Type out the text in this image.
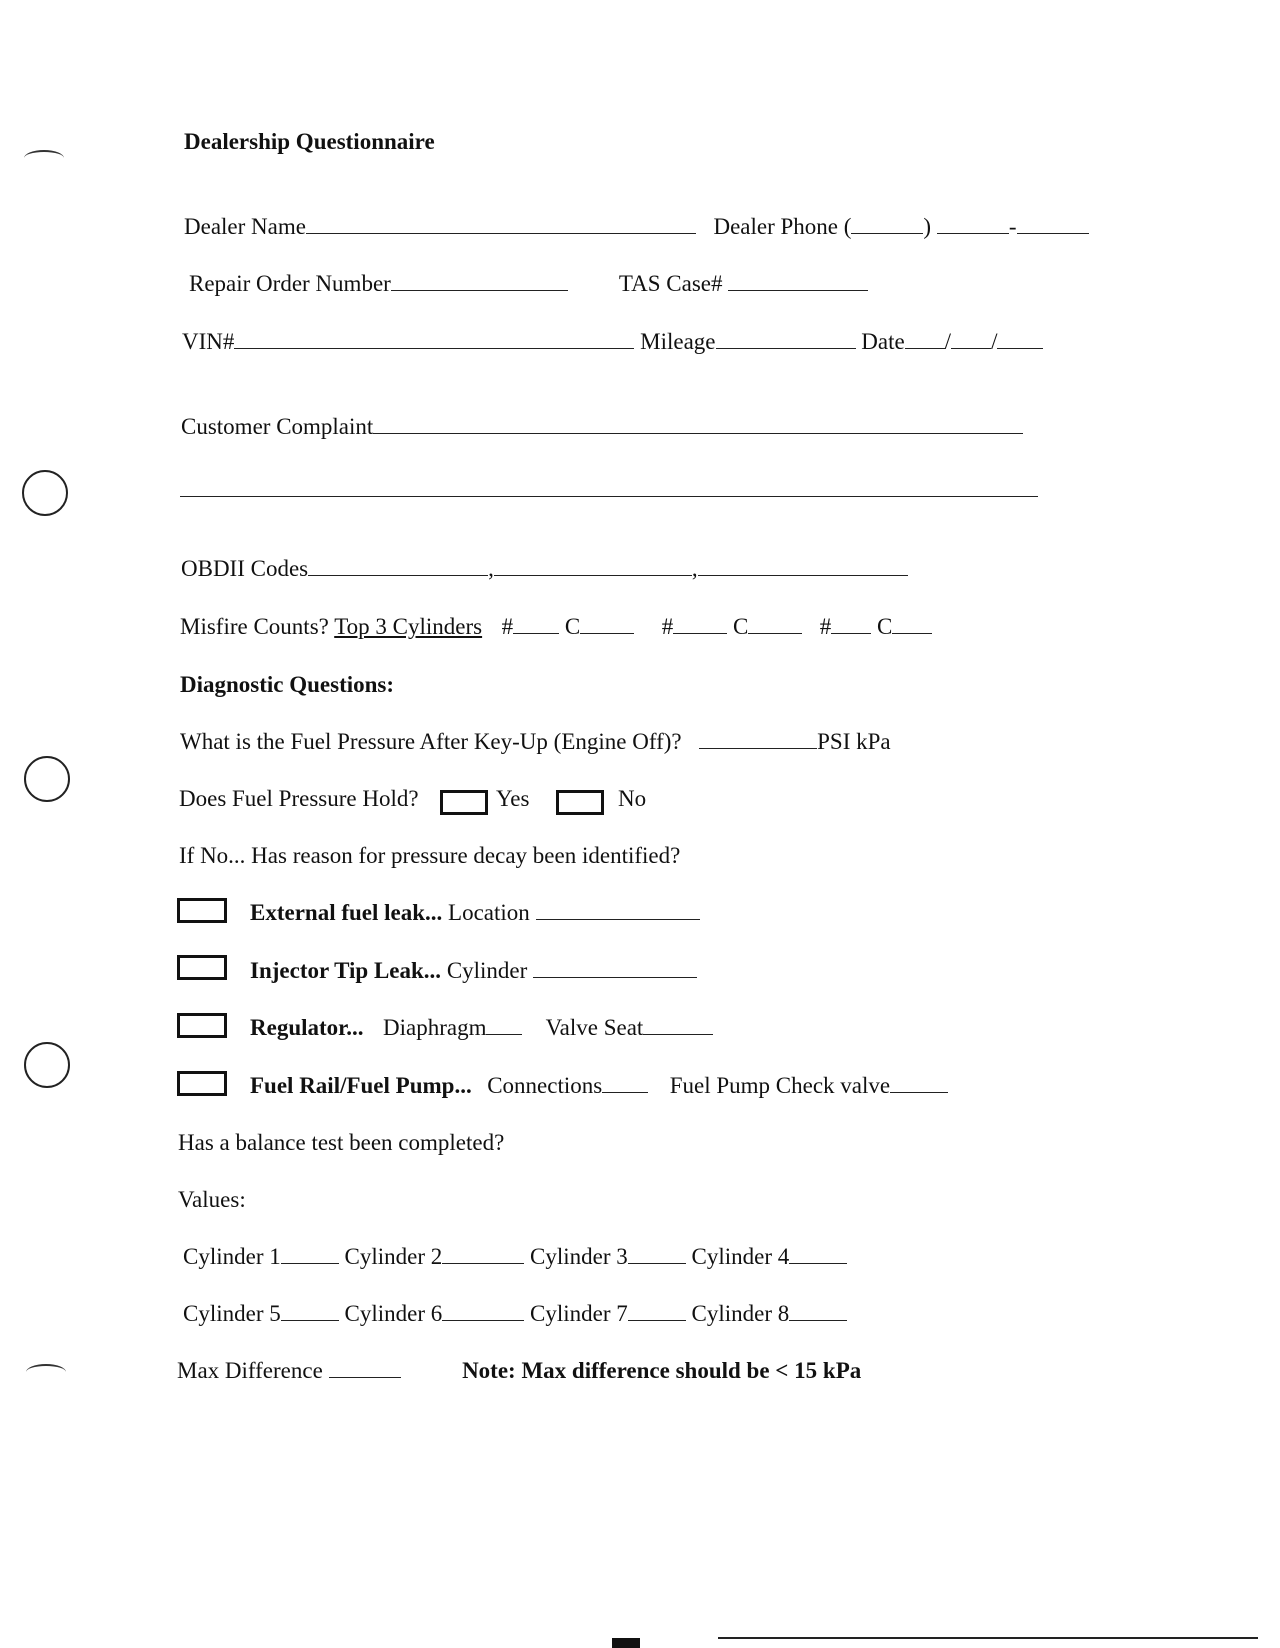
Dealership Questionnaire
Dealer Name	Dealer Phone (	)	-
Repair Order Number	TAS Case#
VIN#	Mileage	Date / /
Customer Complaint
OBDII Codes	,	,
Misfire Counts? Top 3 Cylinders # C	#	C	# C
Diagnostic Questions:
What is the Fuel Pressure After Key-Up (Engine Off)?	PSI kPa
Does Fuel Pressure Hold?	Yes	No
If No... Has reason for pressure decay been identified?
External fuel leak... Location
Injector Tip Leak... Cylinder
Regulator... Diaphragm	Valve Seat
Fuel Rail/Fuel Pump... Connections	Fuel Pump Check valve
Has a balance test been completed?
Values:
Cylinder 1	Cylinder 2	Cylinder 3	Cylinder 4
Cylinder 5	Cylinder 6	Cylinder 7	Cylinder 8
Max Difference	Note: Max difference should be < 15 kPa
